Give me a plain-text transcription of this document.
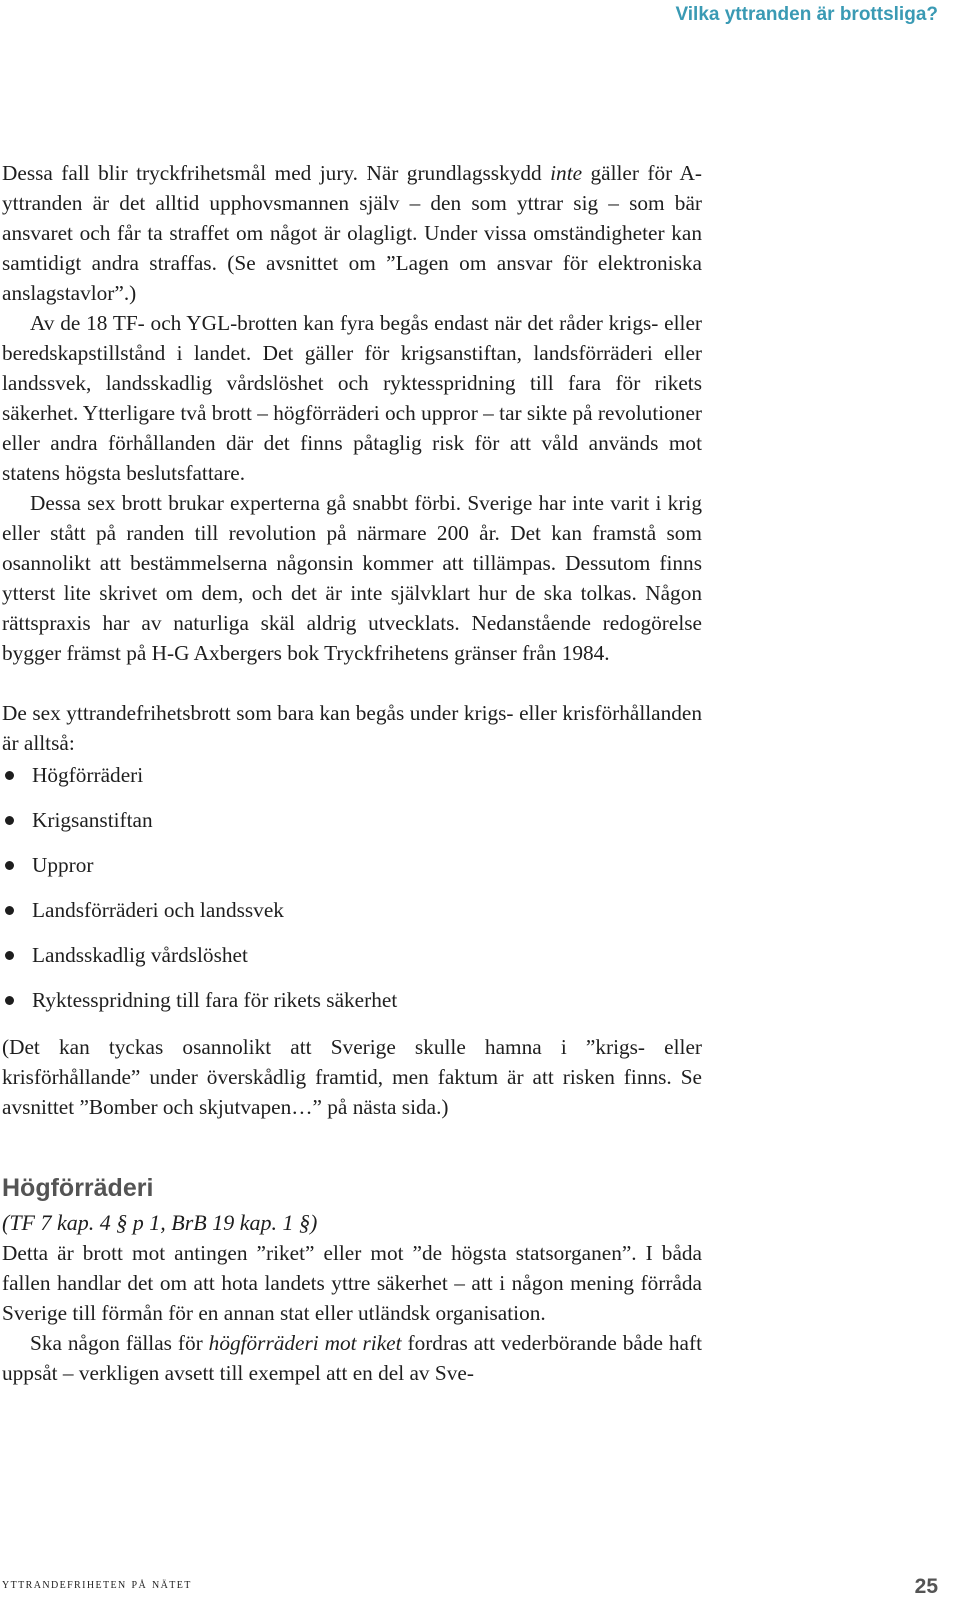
Vilka yttranden är brottsliga?

Dessa fall blir tryckfrihetsmål med jury. När grundlagsskydd inte gäller för A-yttranden är det alltid upphovsmannen själv – den som yttrar sig – som bär ansvaret och får ta straffet om något är olagligt. Under vissa omständigheter kan samtidigt andra straffas. (Se avsnittet om ”Lagen om ansvar för elektroniska anslagstavlor”.)

Av de 18 TF- och YGL-brotten kan fyra begås endast när det råder krigs- eller beredskapstillstånd i landet. Det gäller för krigsanstiftan, landsförräderi eller landssvek, landsskadlig vårdslöshet och ryktesspridning till fara för rikets säkerhet. Ytterligare två brott – högförräderi och uppror – tar sikte på revolutioner eller andra förhållanden där det finns påtaglig risk för att våld används mot statens högsta beslutsfattare.

Dessa sex brott brukar experterna gå snabbt förbi. Sverige har inte varit i krig eller stått på randen till revolution på närmare 200 år. Det kan framstå som osannolikt att bestämmelserna någonsin kommer att tillämpas. Dessutom finns ytterst lite skrivet om dem, och det är inte självklart hur de ska tolkas. Någon rättspraxis har av naturliga skäl aldrig utvecklats. Nedanstående redogörelse bygger främst på H-G Axbergers bok Tryckfrihetens gränser från 1984.

De sex yttrandefrihetsbrott som bara kan begås under krigs- eller krisförhållanden är alltså:

Högförräderi
Krigsanstiftan
Uppror
Landsförräderi och landssvek
Landsskadlig vårdslöshet
Ryktesspridning till fara för rikets säkerhet

(Det kan tyckas osannolikt att Sverige skulle hamna i ”krigs- eller krisförhållande” under överskådlig framtid, men faktum är att risken finns. Se avsnittet ”Bomber och skjutvapen…” på nästa sida.)

Högförräderi

(TF 7 kap. 4 § p 1, BrB 19 kap. 1 §)

Detta är brott mot antingen ”riket” eller mot ”de högsta statsorganen”. I båda fallen handlar det om att hota landets yttre säkerhet – att i någon mening förråda Sverige till förmån för en annan stat eller utländsk organisation.

Ska någon fällas för högförräderi mot riket fordras att vederbörande både haft uppsåt – verkligen avsett till exempel att en del av Sve-

yttrandefriheten på nätet	25
